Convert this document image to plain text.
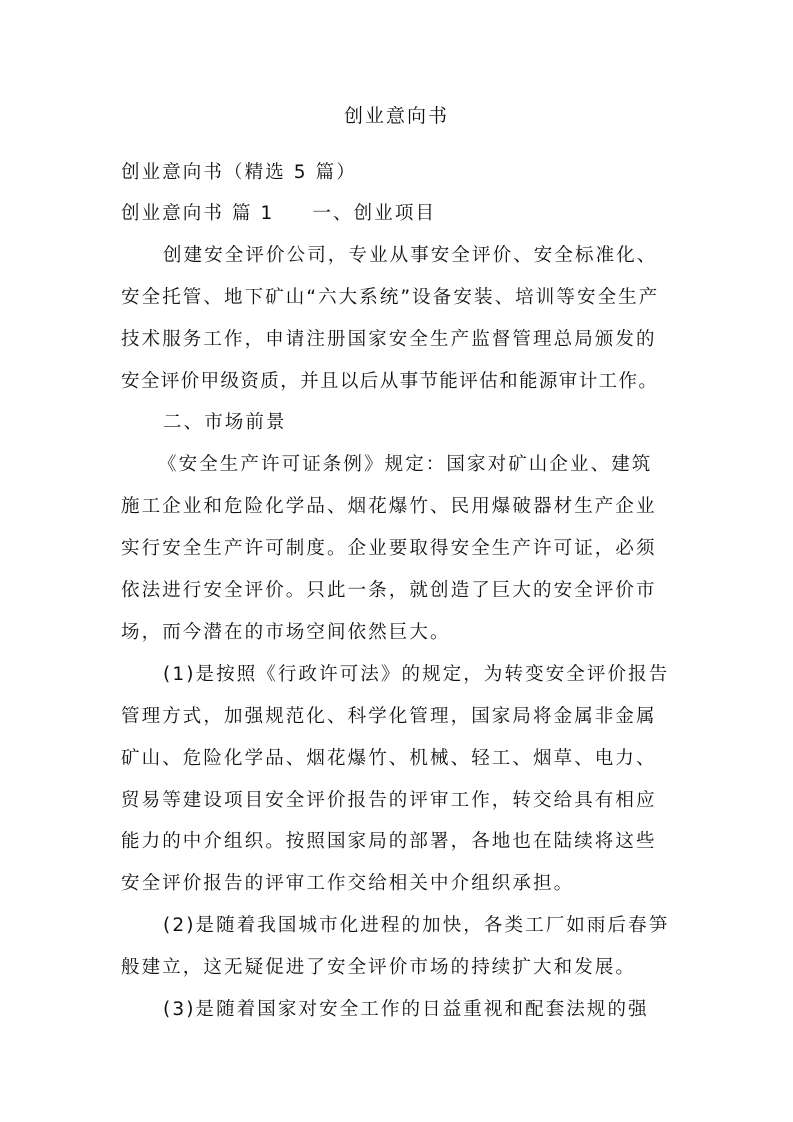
创业意向书
创业意向书（精选 5 篇）
创业意向书 篇 1 一、创业项目
创建安全评价公司，专业从事安全评价、安全标准化、
安全托管、地下矿山“六大系统”设备安装、培训等安全生产
技术服务工作，申请注册国家安全生产监督管理总局颁发的
安全评价甲级资质，并且以后从事节能评估和能源审计工作。
二、市场前景
《安全生产许可证条例》规定：国家对矿山企业、建筑
施工企业和危险化学品、烟花爆竹、民用爆破器材生产企业
实行安全生产许可制度。企业要取得安全生产许可证，必须
依法进行安全评价。只此一条，就创造了巨大的安全评价市
场，而今潜在的市场空间依然巨大。
(1)是按照《行政许可法》的规定，为转变安全评价报告
管理方式，加强规范化、科学化管理，国家局将金属非金属
矿山、危险化学品、烟花爆竹、机械、轻工、烟草、电力、
贸易等建设项目安全评价报告的评审工作，转交给具有相应
能力的中介组织。按照国家局的部署，各地也在陆续将这些
安全评价报告的评审工作交给相关中介组织承担。
(2)是随着我国城市化进程的加快，各类工厂如雨后春笋
般建立，这无疑促进了安全评价市场的持续扩大和发展。
(3)是随着国家对安全工作的日益重视和配套法规的强
